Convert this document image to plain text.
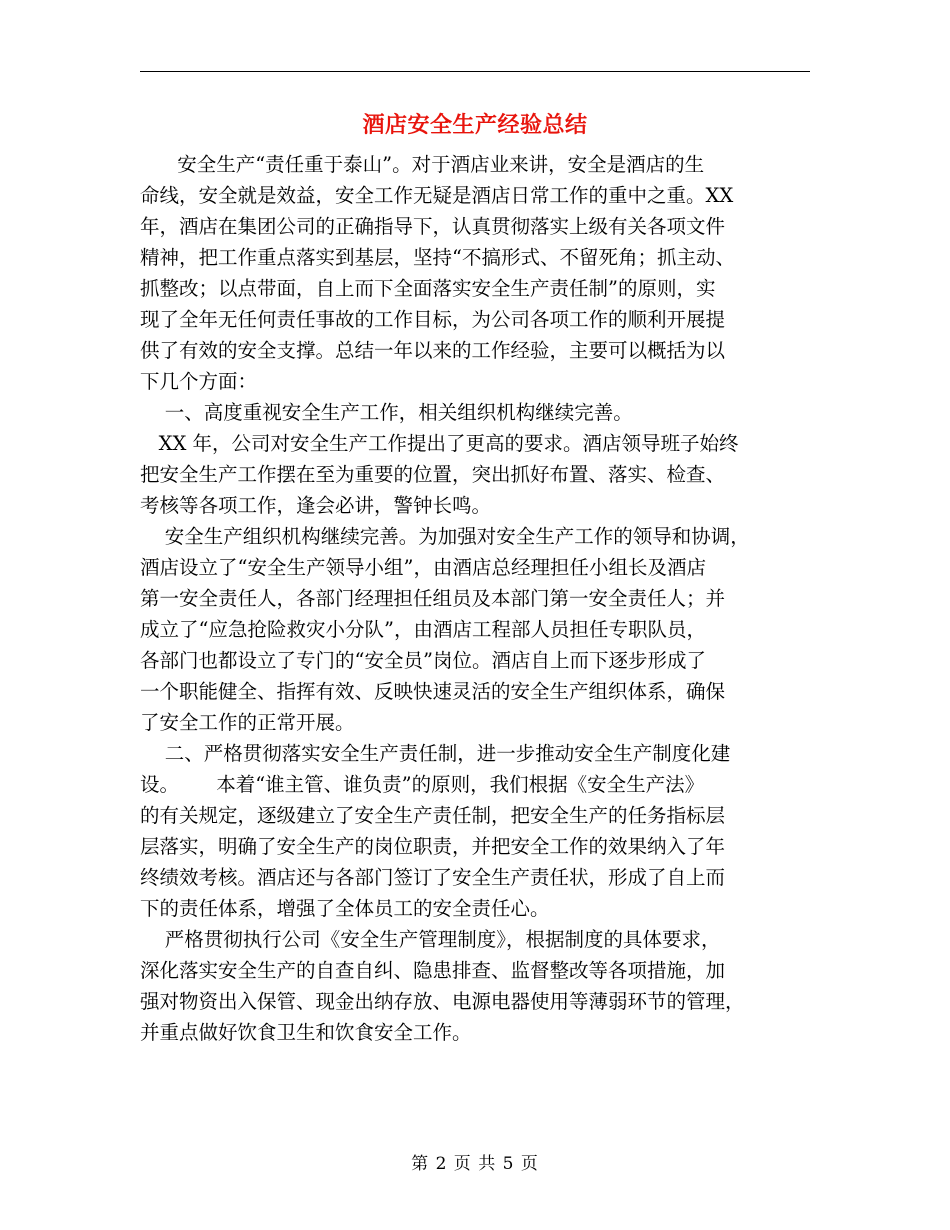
酒店安全生产经验总结
安全生产“责任重于泰山”。对于酒店业来讲，安全是酒店的生
命线，安全就是效益，安全工作无疑是酒店日常工作的重中之重。XX
年，酒店在集团公司的正确指导下，认真贯彻落实上级有关各项文件
精神，把工作重点落实到基层，坚持“不搞形式、不留死角；抓主动、
抓整改；以点带面，自上而下全面落实安全生产责任制”的原则，实
现了全年无任何责任事故的工作目标，为公司各项工作的顺利开展提
供了有效的安全支撑。总结一年以来的工作经验，主要可以概括为以
下几个方面：
一、高度重视安全生产工作，相关组织机构继续完善。
XX 年，公司对安全生产工作提出了更高的要求。酒店领导班子始终
把安全生产工作摆在至为重要的位置，突出抓好布置、落实、检查、
考核等各项工作，逢会必讲，警钟长鸣。
安全生产组织机构继续完善。为加强对安全生产工作的领导和协调，
酒店设立了“安全生产领导小组”，由酒店总经理担任小组长及酒店
第一安全责任人，各部门经理担任组员及本部门第一安全责任人；并
成立了“应急抢险救灾小分队”，由酒店工程部人员担任专职队员，
各部门也都设立了专门的“安全员”岗位。酒店自上而下逐步形成了
一个职能健全、指挥有效、反映快速灵活的安全生产组织体系，确保
了安全工作的正常开展。
二、严格贯彻落实安全生产责任制，进一步推动安全生产制度化建
设。      本着“谁主管、谁负责”的原则，我们根据《安全生产法》
的有关规定，逐级建立了安全生产责任制，把安全生产的任务指标层
层落实，明确了安全生产的岗位职责，并把安全工作的效果纳入了年
终绩效考核。酒店还与各部门签订了安全生产责任状，形成了自上而
下的责任体系，增强了全体员工的安全责任心。
严格贯彻执行公司《安全生产管理制度》，根据制度的具体要求，
深化落实安全生产的自查自纠、隐患排查、监督整改等各项措施，加
强对物资出入保管、现金出纳存放、电源电器使用等薄弱环节的管理，
并重点做好饮食卫生和饮食安全工作。
第 2 页 共 5 页
